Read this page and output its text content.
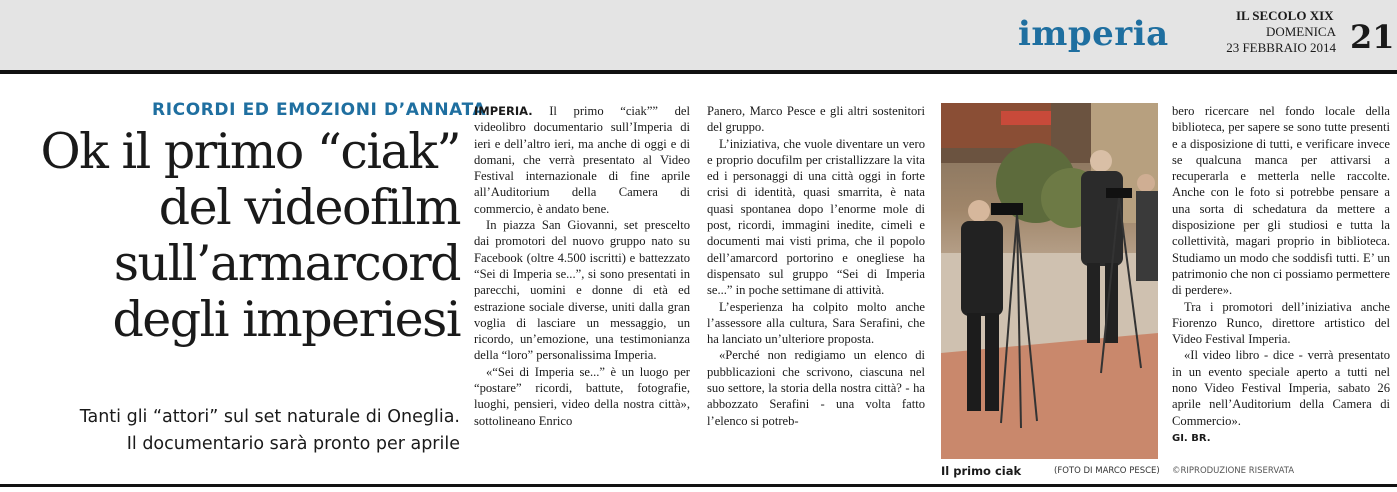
imperia	IL SECOLO XIX
DOMENICA
23 FEBBRAIO 2014 21
RICORDI ED EMOZIONI D’ANNATA
Ok il primo “ciak”
del videofilm
sull’armarcord
degli imperiesi
Tanti gli “attori” sul set naturale di Oneglia.
Il documentario sarà pronto per aprile

IMPERIA. Il primo “ciak”” del videolibro documentario sull’Imperia di ieri e dell’altro ieri, ma anche di oggi e di domani, che verrà presentato al Video Festival internazionale di fine aprile all’Auditorium della Camera di commercio, è andato bene.

In piazza San Giovanni, set prescelto dai promotori del nuovo gruppo nato su Facebook (oltre 4.500 iscritti) e battezzato “Sei di Imperia se...”, si sono presentati in parecchi, uomini e donne di età ed estrazione sociale diverse, uniti dalla gran voglia di lasciare un messaggio, un ricordo, un’emozione, una testimonianza della “loro” personalissima Imperia.

«“Sei di Imperia se...” è un luogo per “postare” ricordi, battute, fotografie, luoghi, pensieri, video della nostra città», sottolineano Enrico

Panero, Marco Pesce e gli altri sostenitori del gruppo.

L’iniziativa, che vuole diventare un vero e proprio docufilm per cristallizzare la vita ed i personaggi di una città oggi in forte crisi di identità, quasi smarrita, è nata quasi spontanea dopo l’enorme mole di post, ricordi, immagini inedite, cimeli e documenti mai visti prima, che il popolo dell’amarcord portorino e onegliese ha dispensato sul gruppo “Sei di Imperia se...” in poche settimane di attività.

L’esperienza ha colpito molto anche l’assessore alla cultura, Sara Serafini, che ha lanciato un’ulteriore proposta.

«Perché non redigiamo un elenco di pubblicazioni che scrivono, ciascuna nel suo settore, la storia della nostra città? - ha abbozzato Serafini - una volta fatto l’elenco si potreb-

Il primo ciak	(FOTO DI MARCO PESCE)

bero ricercare nel fondo locale della biblioteca, per sapere se sono tutte presenti e a disposizione di tutti, e verificare invece se qualcuna manca per attivarsi a recuperarla e metterla nelle raccolte. Anche con le foto si potrebbe pensare a una sorta di schedatura da mettere a disposizione per gli studiosi e tutta la collettività, magari proprio in biblioteca. Studiamo un modo che soddisfi tutti. E’ un patrimonio che non ci possiamo permettere di perdere».

Tra i promotori dell’iniziativa anche Fiorenzo Runco, direttore artistico del Video Festival Imperia.

«Il video libro - dice - verrà presentato in un evento speciale aperto a tutti nel nono Video Festival Imperia, sabato 26 aprile nell’Auditorium della Camera di Commercio».

GI. BR.

©RIPRODUZIONE RISERVATA
